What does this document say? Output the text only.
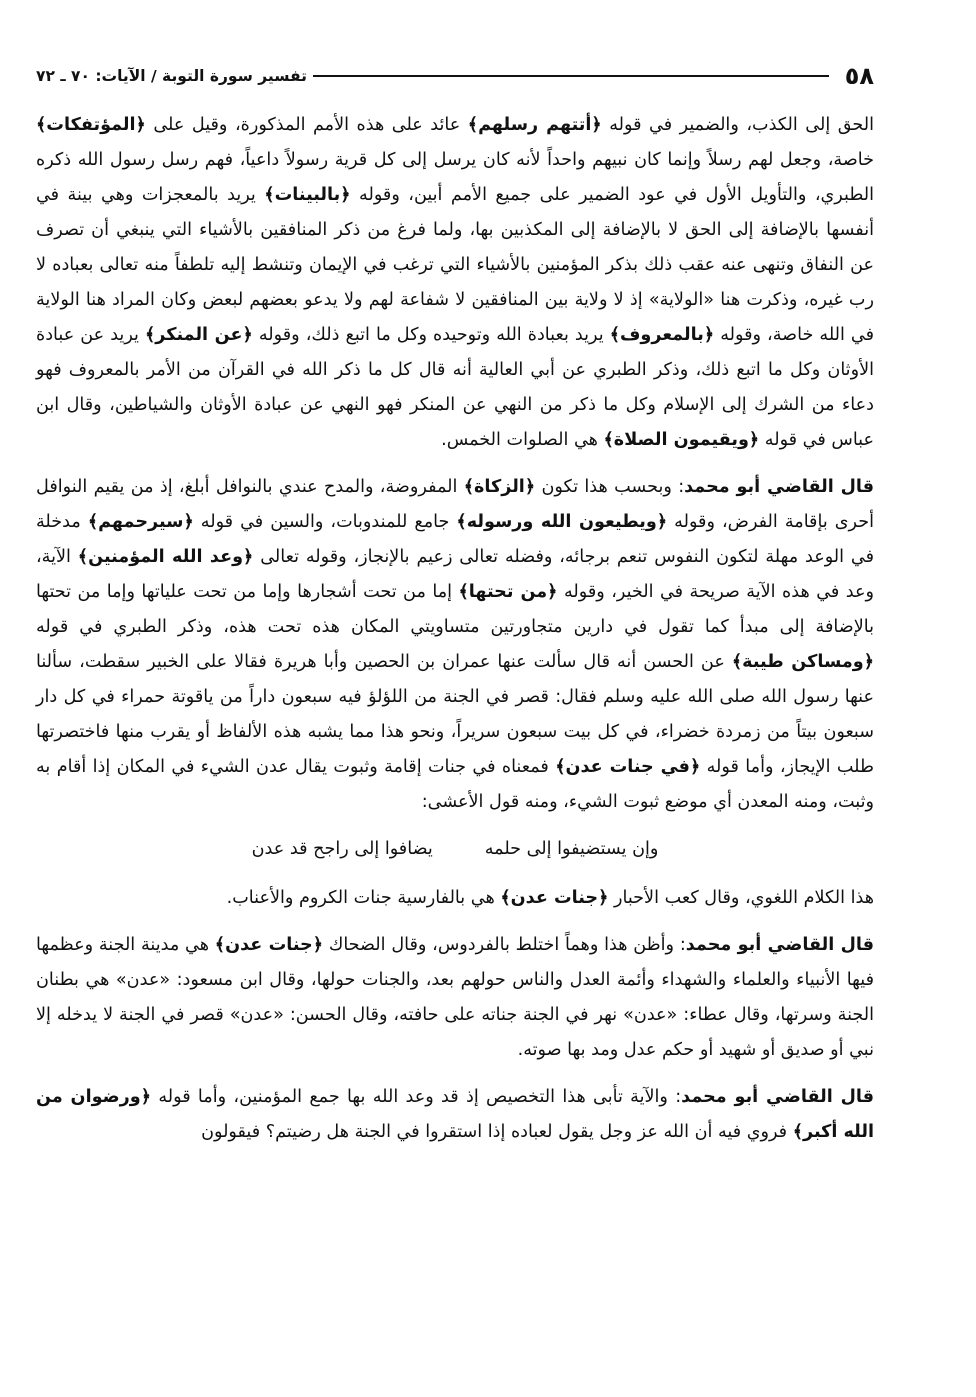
٥٨
تفسير سورة التوبة / الآيات: ٧٠ ـ ٧٢

الحق إلى الكذب، والضمير في قوله ﴿أتتهم رسلهم﴾ عائد على هذه الأمم المذكورة، وقيل على ﴿المؤتفكات﴾ خاصة، وجعل لهم رسلاً وإنما كان نبيهم واحداً لأنه كان يرسل إلى كل قرية رسولاً داعياً، فهم رسل رسول الله ذكره الطبري، والتأويل الأول في عود الضمير على جميع الأمم أبين، وقوله ﴿بالبينات﴾ يريد بالمعجزات وهي بينة في أنفسها بالإضافة إلى الحق لا بالإضافة إلى المكذبين بها، ولما فرغ من ذكر المنافقين بالأشياء التي ينبغي أن تصرف عن النفاق وتنهى عنه عقب ذلك بذكر المؤمنين بالأشياء التي ترغب في الإيمان وتنشط إليه تلطفاً منه تعالى بعباده لا رب غيره، وذكرت هنا «الولاية» إذ لا ولاية بين المنافقين لا شفاعة لهم ولا يدعو بعضهم لبعض وكان المراد هنا الولاية في الله خاصة، وقوله ﴿بالمعروف﴾ يريد بعبادة الله وتوحيده وكل ما اتبع ذلك، وقوله ﴿عن المنكر﴾ يريد عن عبادة الأوثان وكل ما اتبع ذلك، وذكر الطبري عن أبي العالية أنه قال كل ما ذكر الله في القرآن من الأمر بالمعروف فهو دعاء من الشرك إلى الإسلام وكل ما ذكر من النهي عن المنكر فهو النهي عن عبادة الأوثان والشياطين، وقال ابن عباس في قوله ﴿ويقيمون الصلاة﴾ هي الصلوات الخمس.

قال القاضي أبو محمد: وبحسب هذا تكون ﴿الزكاة﴾ المفروضة، والمدح عندي بالنوافل أبلغ، إذ من يقيم النوافل أحرى بإقامة الفرض، وقوله ﴿ويطيعون الله ورسوله﴾ جامع للمندوبات، والسين في قوله ﴿سيرحمهم﴾ مدخلة في الوعد مهلة لتكون النفوس تنعم برجائه، وفضله تعالى زعيم بالإنجاز، وقوله تعالى ﴿وعد الله المؤمنين﴾ الآية، وعد في هذه الآية صريحة في الخير، وقوله ﴿من تحتها﴾ إما من تحت أشجارها وإما من تحت علياتها وإما من تحتها بالإضافة إلى مبدأ كما تقول في دارين متجاورتين متساويتي المكان هذه تحت هذه، وذكر الطبري في قوله ﴿ومساكن طيبة﴾ عن الحسن أنه قال سألت عنها عمران بن الحصين وأبا هريرة فقالا على الخبير سقطت، سألنا عنها رسول الله صلى الله عليه وسلم فقال: قصر في الجنة من اللؤلؤ فيه سبعون داراً من ياقوتة حمراء في كل دار سبعون بيتاً من زمردة خضراء، في كل بيت سبعون سريراً، ونحو هذا مما يشبه هذه الألفاظ أو يقرب منها فاختصرتها طلب الإيجاز، وأما قوله ﴿في جنات عدن﴾ فمعناه في جنات إقامة وثبوت يقال عدن الشيء في المكان إذا أقام به وثبت، ومنه المعدن أي موضع ثبوت الشيء، ومنه قول الأعشى:

وإن يستضيفوا إلى حلمه
يضافوا إلى راجح قد عدن

هذا الكلام اللغوي، وقال كعب الأحبار ﴿جنات عدن﴾ هي بالفارسية جنات الكروم والأعناب.

قال القاضي أبو محمد: وأظن هذا وهماً اختلط بالفردوس، وقال الضحاك ﴿جنات عدن﴾ هي مدينة الجنة وعظمها فيها الأنبياء والعلماء والشهداء وأئمة العدل والناس حولهم بعد، والجنات حولها، وقال ابن مسعود: «عدن» هي بطنان الجنة وسرتها، وقال عطاء: «عدن» نهر في الجنة جناته على حافته، وقال الحسن: «عدن» قصر في الجنة لا يدخله إلا نبي أو صديق أو شهيد أو حكم عدل ومد بها صوته.

قال القاضي أبو محمد: والآية تأبى هذا التخصيص إذ قد وعد الله بها جمع المؤمنين، وأما قوله ﴿ورضوان من الله أكبر﴾ فروي فيه أن الله عز وجل يقول لعباده إذا استقروا في الجنة هل رضيتم؟ فيقولون
